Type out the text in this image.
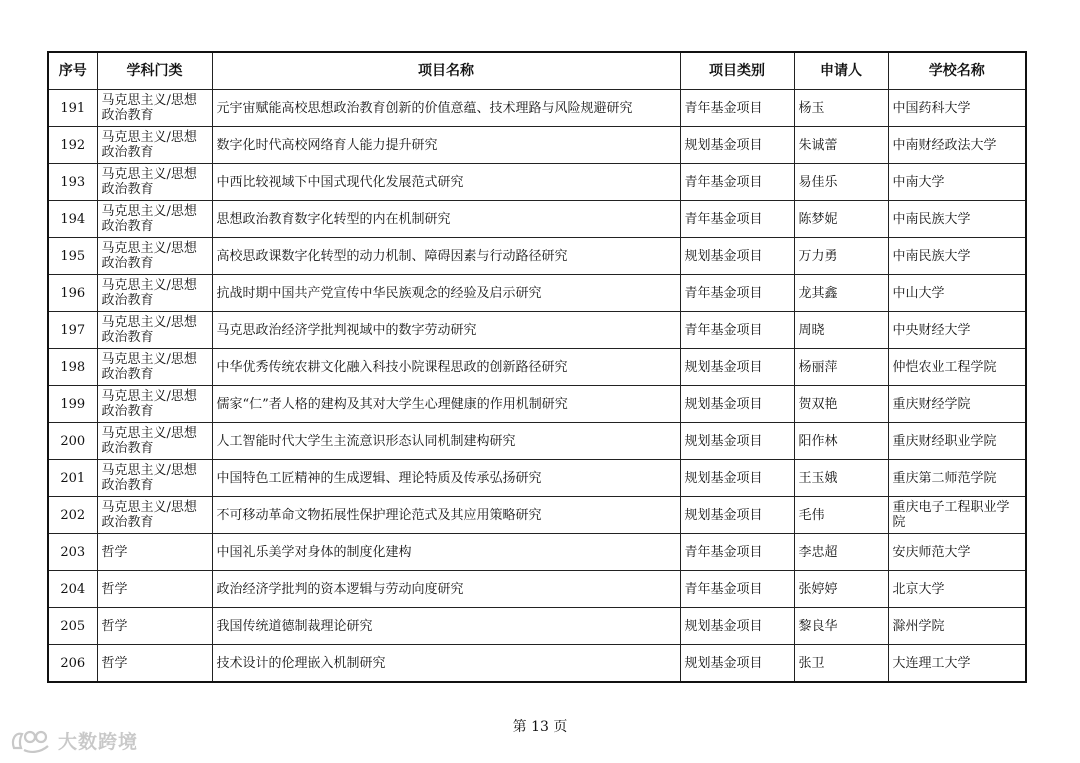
序号	学科门类	项目名称	项目类别	申请人	学校名称
191	马克思主义/思想政治教育	元宇宙赋能高校思想政治教育创新的价值意蕴、技术理路与风险规避研究	青年基金项目	杨玉	中国药科大学
192	马克思主义/思想政治教育	数字化时代高校网络育人能力提升研究	规划基金项目	朱诚蕾	中南财经政法大学
193	马克思主义/思想政治教育	中西比较视域下中国式现代化发展范式研究	青年基金项目	易佳乐	中南大学
194	马克思主义/思想政治教育	思想政治教育数字化转型的内在机制研究	青年基金项目	陈梦妮	中南民族大学
195	马克思主义/思想政治教育	高校思政课数字化转型的动力机制、障碍因素与行动路径研究	规划基金项目	万力勇	中南民族大学
196	马克思主义/思想政治教育	抗战时期中国共产党宣传中华民族观念的经验及启示研究	青年基金项目	龙其鑫	中山大学
197	马克思主义/思想政治教育	马克思政治经济学批判视域中的数字劳动研究	青年基金项目	周晓	中央财经大学
198	马克思主义/思想政治教育	中华优秀传统农耕文化融入科技小院课程思政的创新路径研究	规划基金项目	杨丽萍	仲恺农业工程学院
199	马克思主义/思想政治教育	儒家“仁”者人格的建构及其对大学生心理健康的作用机制研究	规划基金项目	贺双艳	重庆财经学院
200	马克思主义/思想政治教育	人工智能时代大学生主流意识形态认同机制建构研究	规划基金项目	阳作林	重庆财经职业学院
201	马克思主义/思想政治教育	中国特色工匠精神的生成逻辑、理论特质及传承弘扬研究	规划基金项目	王玉娥	重庆第二师范学院
202	马克思主义/思想政治教育	不可移动革命文物拓展性保护理论范式及其应用策略研究	规划基金项目	毛伟	重庆电子工程职业学院
203	哲学	中国礼乐美学对身体的制度化建构	青年基金项目	李忠超	安庆师范大学
204	哲学	政治经济学批判的资本逻辑与劳动向度研究	青年基金项目	张婷婷	北京大学
205	哲学	我国传统道德制裁理论研究	规划基金项目	黎良华	滁州学院
206	哲学	技术设计的伦理嵌入机制研究	规划基金项目	张卫	大连理工大学
第 13 页
大数跨境
